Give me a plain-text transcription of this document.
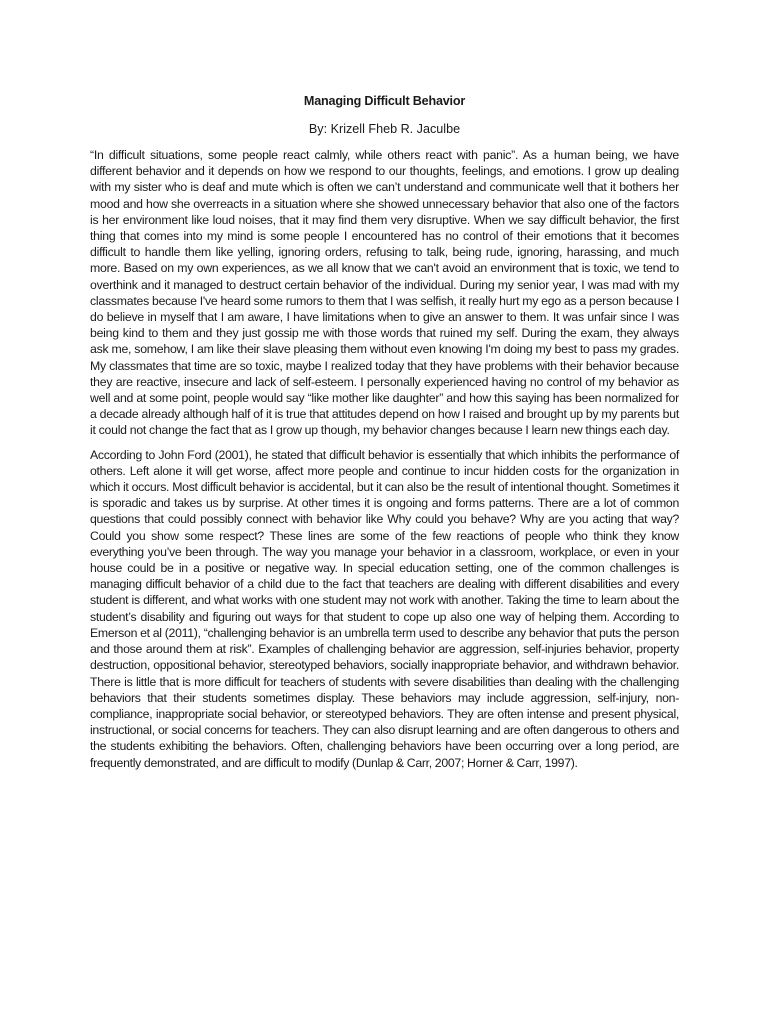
Managing Difficult Behavior
By: Krizell Fheb R. Jaculbe

“In difficult situations, some people react calmly, while others react with panic”. As a human being, we have different behavior and it depends on how we respond to our thoughts, feelings, and emotions. I grow up dealing with my sister who is deaf and mute which is often we can’t understand and communicate well that it bothers her mood and how she overreacts in a situation where she showed unnecessary behavior that also one of the factors is her environment like loud noises, that it may find them very disruptive. When we say difficult behavior, the first thing that comes into my mind is some people I encountered has no control of their emotions that it becomes difficult to handle them like yelling, ignoring orders, refusing to talk, being rude, ignoring, harassing, and much more. Based on my own experiences, as we all know that we can't avoid an environment that is toxic, we tend to overthink and it managed to destruct certain behavior of the individual. During my senior year, I was mad with my classmates because I've heard some rumors to them that I was selfish, it really hurt my ego as a person because I do believe in myself that I am aware, I have limitations when to give an answer to them. It was unfair since I was being kind to them and they just gossip me with those words that ruined my self. During the exam, they always ask me, somehow, I am like their slave pleasing them without even knowing I'm doing my best to pass my grades. My classmates that time are so toxic, maybe I realized today that they have problems with their behavior because they are reactive, insecure and lack of self-esteem. I personally experienced having no control of my behavior as well and at some point, people would say “like mother like daughter” and how this saying has been normalized for a decade already although half of it is true that attitudes depend on how I raised and brought up by my parents but it could not change the fact that as I grow up though, my behavior changes because I learn new things each day.

According to John Ford (2001), he stated that difficult behavior is essentially that which inhibits the performance of others. Left alone it will get worse, affect more people and continue to incur hidden costs for the organization in which it occurs. Most difficult behavior is accidental, but it can also be the result of intentional thought. Sometimes it is sporadic and takes us by surprise. At other times it is ongoing and forms patterns. There are a lot of common questions that could possibly connect with behavior like Why could you behave? Why are you acting that way? Could you show some respect? These lines are some of the few reactions of people who think they know everything you’ve been through. The way you manage your behavior in a classroom, workplace, or even in your house could be in a positive or negative way. In special education setting, one of the common challenges is managing difficult behavior of a child due to the fact that teachers are dealing with different disabilities and every student is different, and what works with one student may not work with another. Taking the time to learn about the student’s disability and figuring out ways for that student to cope up also one way of helping them. According to Emerson et al (2011), “challenging behavior is an umbrella term used to describe any behavior that puts the person and those around them at risk”. Examples of challenging behavior are aggression, self-injuries behavior, property destruction, oppositional behavior, stereotyped behaviors, socially inappropriate behavior, and withdrawn behavior. There is little that is more difficult for teachers of students with severe disabilities than dealing with the challenging behaviors that their students sometimes display. These behaviors may include aggression, self-injury, non-compliance, inappropriate social behavior, or stereotyped behaviors. They are often intense and present physical, instructional, or social concerns for teachers. They can also disrupt learning and are often dangerous to others and the students exhibiting the behaviors. Often, challenging behaviors have been occurring over a long period, are frequently demonstrated, and are difficult to modify (Dunlap & Carr, 2007; Horner & Carr, 1997).
